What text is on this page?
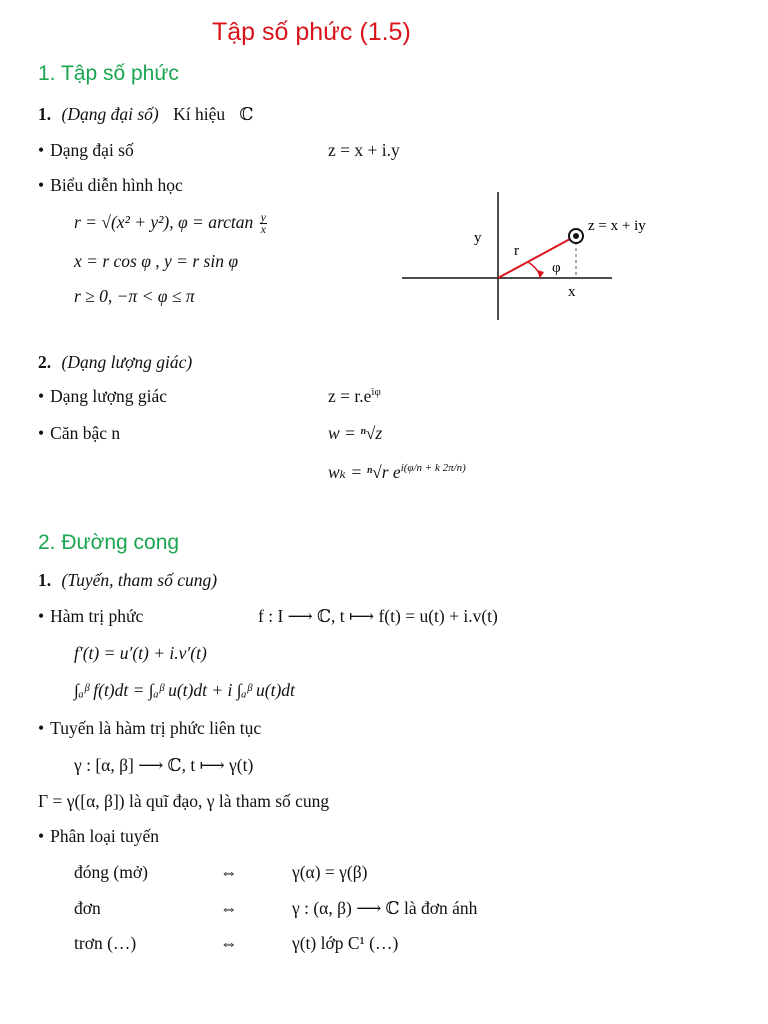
Tập số phức (1.5)
1. Tập số phức
1. (Dạng đại số) Kí hiệu ℂ
• Dạng đại số	z = x + i.y
• Biểu diễn hình học
r = √(x² + y²), $\varphi = \arctan \frac{y}{x}$
x = r cos φ , y = r sin φ
r ≥ 0, −π < φ ≤ π
y
r
φ
x
z = x + iy
2. (Dạng lượng giác)
• Dạng lượng giác	$z = r.e^{i\varphi}$
• Căn bậc n	w = ⁿ√z
wₖ = ⁿ√r $e^{i(\varphi/n + k 2\pi/n)}$
2. Đường cong
1. (Tuyến, tham số cung)
• Hàm trị phức	f : I ⟶ ℂ, t ⟼ f(t) = u(t) + i.v(t)
f′(t) = u′(t) + i.v′(t)
∫ₐᵝ f(t)dt = ∫ₐᵝ u(t)dt + i ∫ₐᵝ u(t)dt
• Tuyến là hàm trị phức liên tục
γ : [α, β] ⟶ ℂ, t ⟼ γ(t)
Γ = γ([α, β]) là quĩ đạo, γ là tham số cung
• Phân loại tuyến
đóng (mở)	⇔	γ(α) = γ(β)
đơn	⇔	γ : (α, β) ⟶ ℂ là đơn ánh
trơn (…)	⇔	γ(t) lớp C¹ (…)
